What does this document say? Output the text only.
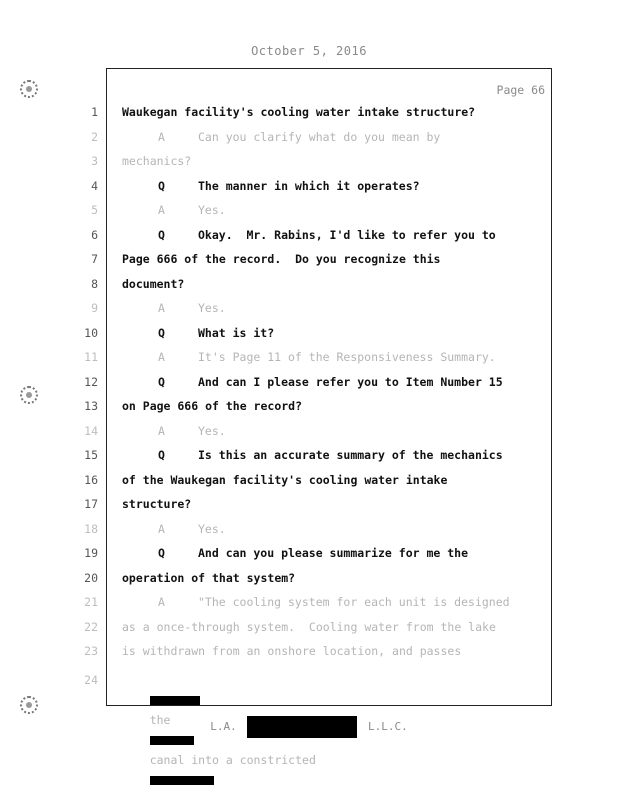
October 5, 2016
Page 66
1 Waukegan facility's cooling water intake structure?
2	A	Can you clarify what do you mean by
3 mechanics?
4	Q	The manner in which it operates?
5	A	Yes.
6	Q	Okay.  Mr. Rabins, I'd like to refer you to
7 Page 666 of the record.  Do you recognize this
8 document?
9	A	Yes.
10	Q	What is it?
11	A	It's Page 11 of the Responsiveness Summary.
12	Q	And can I please refer you to Item Number 15
13 on Page 666 of the record?
14	A	Yes.
15	Q	Is this an accurate summary of the mechanics
16 of the Waukegan facility's cooling water intake
17 structure?
18	A	Yes.
19	Q	And can you please summarize for me the
20 operation of that system?
21	A	"The cooling system for each unit is designed
22 as a once-through system.  Cooling water from the lake
23 is withdrawn from an onshore location, and passes
24

the

canal into a constricted

L.A.	L.L.C.
